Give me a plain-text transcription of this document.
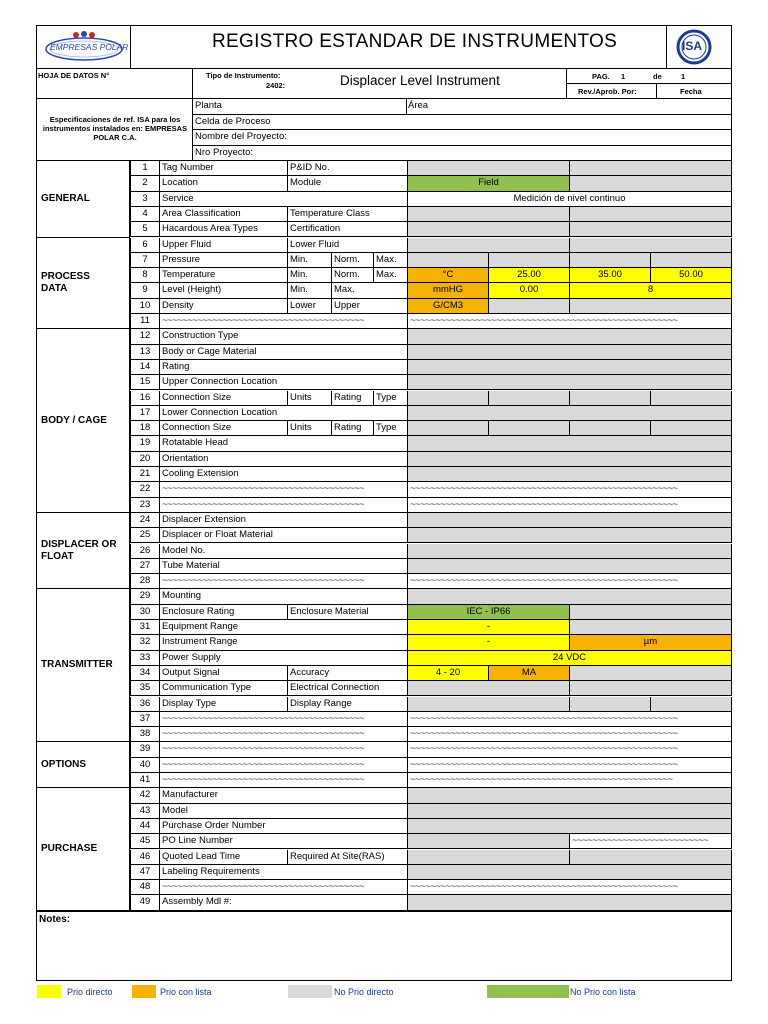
EMPRESAS POLAR	REGISTRO ESTANDAR DE INSTRUMENTOS	ISA
HOJA DE DATOS N°	Tipo de Instrumento:
2402:	Displacer Level Instrument	PAG. 1	de	1
Rev./Aprob. Por:	Fecha
Especificaciones de ref. ISA para los instrumentos instalados en: EMPRESAS POLAR C.A.
Planta	Área
Celda de Proceso
Nombre del Proyecto:
Nro Proyecto:
1	Tag Number	P&ID No.
2	Location	Module	Field
3	Service	Medición de nivel continuo
4	Area Classification	Temperature Class
5	Hacardous Area Types	Certification
6	Upper Fluid	Lower Fluid
7	Pressure	Min.	Norm.	Max.
8	Temperature	Min.	Norm.	Max.	°C	25.00	35.00	50.00
9	Level (Height)	Min.	Max.	mmHG	0.00	8
10	Density	Lower	Upper	G/CM3
11	~~~~~~~~~~~~~~~~~~~~~~~~~~~~~~~~~~~~~~~~	~~~~~~~~~~~~~~~~~~~~~~~~~~~~~~~~~~~~~~~~~~~~~~~~~~~~~
12	Construction Type
13	Body or Cage Material
14	Rating
15	Upper Connection Location
16	Connection Size	Units	Rating	Type
17	Lower Connection Location
18	Connection Size	Units	Rating	Type
19	Rotatable Head
20	Orientation
21	Cooling Extension
22	~~~~~~~~~~~~~~~~~~~~~~~~~~~~~~~~~~~~~~~~	~~~~~~~~~~~~~~~~~~~~~~~~~~~~~~~~~~~~~~~~~~~~~~~~~~~~~
23	~~~~~~~~~~~~~~~~~~~~~~~~~~~~~~~~~~~~~~~~	~~~~~~~~~~~~~~~~~~~~~~~~~~~~~~~~~~~~~~~~~~~~~~~~~~~~~
24	Displacer Extension
25	Displacer or Float Material
26	Model No.
27	Tube Material
28	~~~~~~~~~~~~~~~~~~~~~~~~~~~~~~~~~~~~~~~~	~~~~~~~~~~~~~~~~~~~~~~~~~~~~~~~~~~~~~~~~~~~~~~~~~~~~~
29	Mounting
30	Enclosure Rating	Enclosure Material	IEC - IP66
31	Equipment Range	-
32	Instrument Range	-	µm
33	Power Supply	24 VDC
34	Output Signal	Accuracy	4 - 20	MA
35	Communication Type	Electrical Connection
36	Display Type	Display Range
37	~~~~~~~~~~~~~~~~~~~~~~~~~~~~~~~~~~~~~~~~	~~~~~~~~~~~~~~~~~~~~~~~~~~~~~~~~~~~~~~~~~~~~~~~~~~~~~
38	~~~~~~~~~~~~~~~~~~~~~~~~~~~~~~~~~~~~~~~~	~~~~~~~~~~~~~~~~~~~~~~~~~~~~~~~~~~~~~~~~~~~~~~~~~~~~~
39	~~~~~~~~~~~~~~~~~~~~~~~~~~~~~~~~~~~~~~~~	~~~~~~~~~~~~~~~~~~~~~~~~~~~~~~~~~~~~~~~~~~~~~~~~~~~~~
40	~~~~~~~~~~~~~~~~~~~~~~~~~~~~~~~~~~~~~~~~	~~~~~~~~~~~~~~~~~~~~~~~~~~~~~~~~~~~~~~~~~~~~~~~~~~~~~
41	~~~~~~~~~~~~~~~~~~~~~~~~~~~~~~~~~~~~~~~~	~~~~~~~~~~~~~~~~~~~~~~~~~~~~~~~~~~~~~~~~~~~~~~~~~~~~
42	Manufacturer
43	Model
44	Purchase Order Number
45	PO Line Number	~~~~~~~~~~~~~~~~~~~~~~~~~~~
46	Quoted Lead Time	Required At Site(RAS)
47	Labeling Requirements
48	~~~~~~~~~~~~~~~~~~~~~~~~~~~~~~~~~~~~~~~~	~~~~~~~~~~~~~~~~~~~~~~~~~~~~~~~~~~~~~~~~~~~~~~~~~~~~~
49	Assembly Mdl #:
Notes:
GENERAL
PROCESS DATA
BODY / CAGE
DISPLACER OR FLOAT
TRANSMITTER
OPTIONS
PURCHASE
Prio directo	Prio con lista	No Prio directo	No Prio con lista
